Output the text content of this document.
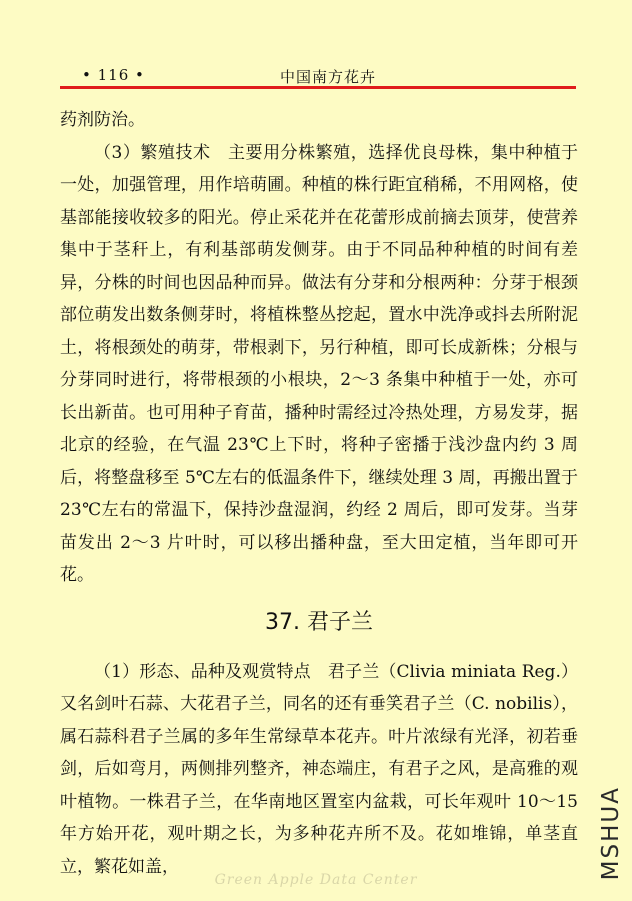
• 116 •	中国南方花卉

药剂防治。

（3）繁殖技术　主要用分株繁殖，选择优良母株，集中种植于一处，加强管理，用作培萌圃。种植的株行距宜稍稀，不用网格，使基部能接收较多的阳光。停止采花并在花蕾形成前摘去顶芽，使营养集中于茎秆上，有利基部萌发侧芽。由于不同品种种植的时间有差异，分株的时间也因品种而异。做法有分芽和分根两种：分芽于根颈部位萌发出数条侧芽时，将植株整丛挖起，置水中洗净或抖去所附泥土，将根颈处的萌芽，带根剥下，另行种植，即可长成新株；分根与分芽同时进行，将带根颈的小根块，2～3 条集中种植于一处，亦可长出新苗。也可用种子育苗，播种时需经过冷热处理，方易发芽，据北京的经验，在气温 23℃上下时，将种子密播于浅沙盘内约 3 周后，将整盘移至 5℃左右的低温条件下，继续处理 3 周，再搬出置于 23℃左右的常温下，保持沙盘湿润，约经 2 周后，即可发芽。当芽苗发出 2～3 片叶时，可以移出播种盘，至大田定植，当年即可开花。

37. 君子兰

（1）形态、品种及观赏特点　君子兰（Clivia miniata Reg.）又名剑叶石蒜、大花君子兰，同名的还有垂笑君子兰（C. nobilis），属石蒜科君子兰属的多年生常绿草本花卉。叶片浓绿有光泽，初若垂剑，后如弯月，两侧排列整齐，神态端庄，有君子之风，是高雅的观叶植物。一株君子兰，在华南地区置室内盆栽，可长年观叶 10～15 年方始开花，观叶期之长，为多种花卉所不及。花如堆锦，单茎直立，繁花如盖，

Green Apple Data Center	MSHUA
